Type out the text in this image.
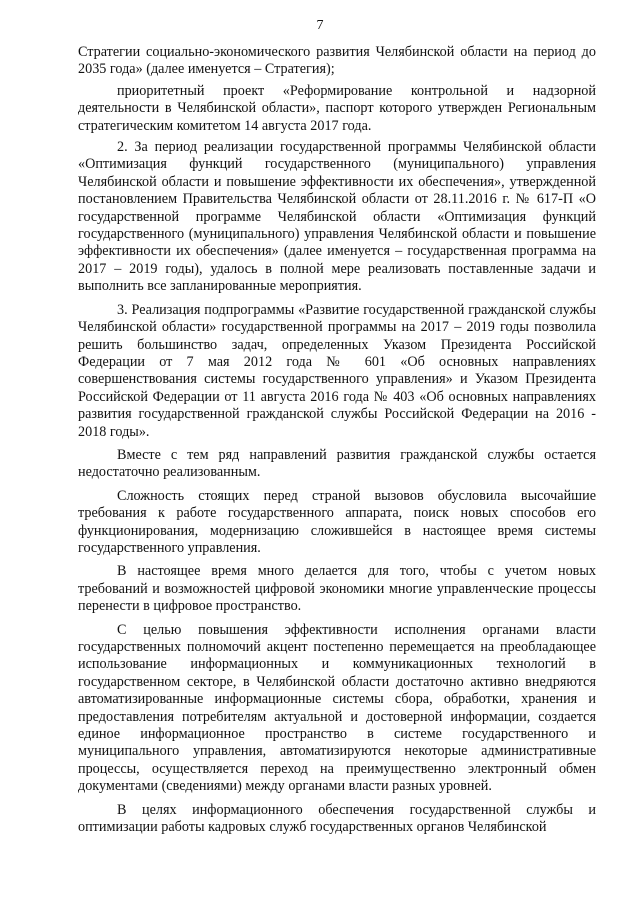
7

Стратегии социально-экономического развития Челябинской области на период до 2035 года» (далее именуется – Стратегия);

приоритетный проект «Реформирование контрольной и надзорной деятельности в Челябинской области», паспорт которого утвержден Региональным стратегическим комитетом 14 августа 2017 года.

2. За период реализации государственной программы Челябинской области «Оптимизация функций государственного (муниципального) управления Челябинской области и повышение эффективности их обеспечения», утвержденной постановлением Правительства Челябинской области от 28.11.2016 г. № 617-П «О государственной программе Челябинской области «Оптимизация функций государственного (муниципального) управления Челябинской области и повышение эффективности их обеспечения» (далее именуется – государственная программа на 2017 – 2019 годы), удалось в полной мере реализовать поставленные задачи и выполнить все запланированные мероприятия.

3. Реализация подпрограммы «Развитие государственной гражданской службы Челябинской области» государственной программы на 2017 – 2019 годы позволила решить большинство задач, определенных Указом Президента Российской Федерации от 7 мая 2012 года № 601 «Об основных направлениях совершенствования системы государственного управления» и Указом Президента Российской Федерации от 11 августа 2016 года № 403 «Об основных направлениях развития государственной гражданской службы Российской Федерации на 2016 - 2018 годы».

Вместе с тем ряд направлений развития гражданской службы остается недостаточно реализованным.

Сложность стоящих перед страной вызовов обусловила высочайшие требования к работе государственного аппарата, поиск новых способов его функционирования, модернизацию сложившейся в настоящее время системы государственного управления.

В настоящее время много делается для того, чтобы с учетом новых требований и возможностей цифровой экономики многие управленческие процессы перенести в цифровое пространство.

С целью повышения эффективности исполнения органами власти государственных полномочий акцент постепенно перемещается на преобладающее использование информационных и коммуникационных технологий в государственном секторе, в Челябинской области достаточно активно внедряются автоматизированные информационные системы сбора, обработки, хранения и предоставления потребителям актуальной и достоверной информации, создается единое информационное пространство в системе государственного и муниципального управления, автоматизируются некоторые административные процессы, осуществляется переход на преимущественно электронный обмен документами (сведениями) между органами власти разных уровней.

В целях информационного обеспечения государственной службы и оптимизации работы кадровых служб государственных органов Челябинской
